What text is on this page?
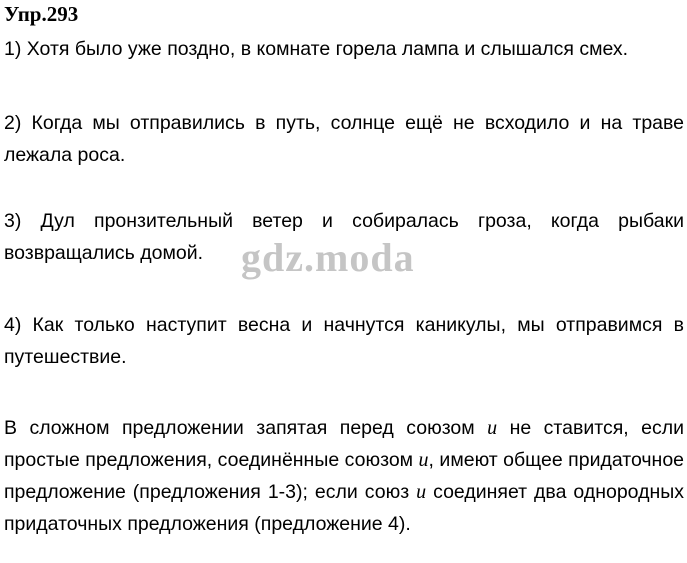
Упр.293

1) Хотя было уже поздно, в комнате горела лампа и слышался смех.

2) Когда мы отправились в путь, солнце ещё не всходило и на траве лежала роса.

3) Дул пронзительный ветер и собиралась гроза, когда рыбаки возвращались домой.

4) Как только наступит весна и начнутся каникулы, мы отправимся в путешествие.

В сложном предложении запятая перед союзом и не ставится, если простые предложения, соединённые союзом и, имеют общее придаточное предложение (предложения 1-3); если союз и соединяет два однородных придаточных предложения (предложение 4).

gdz.moda
